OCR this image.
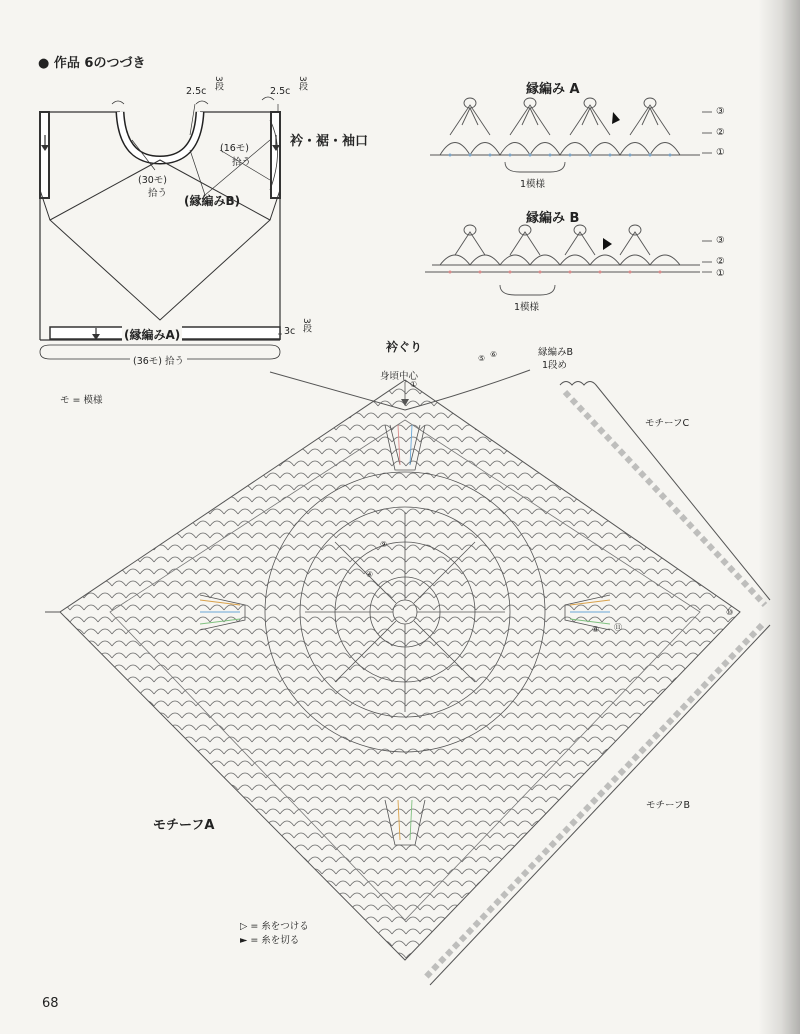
● 作品 6のつづき
2.5c
3段
2.5c
3段
衿・裾・袖口
(16モ)
拾う
(30モ)
拾う
(縁編みB)
(縁編みA)	3c 3段
(36モ) 拾う
モ = 模様
縁編み A
③
②
①
1模様
縁編み B
③
②
①
1模様
衿ぐり
身頃中心
縁編みB
1段め
①
⑤ ⑥
⑨
④
⑧ ⑪
⑩
モチーフC
モチーフB
モチーフA
▷ = 糸をつける
► = 糸を切る
68
